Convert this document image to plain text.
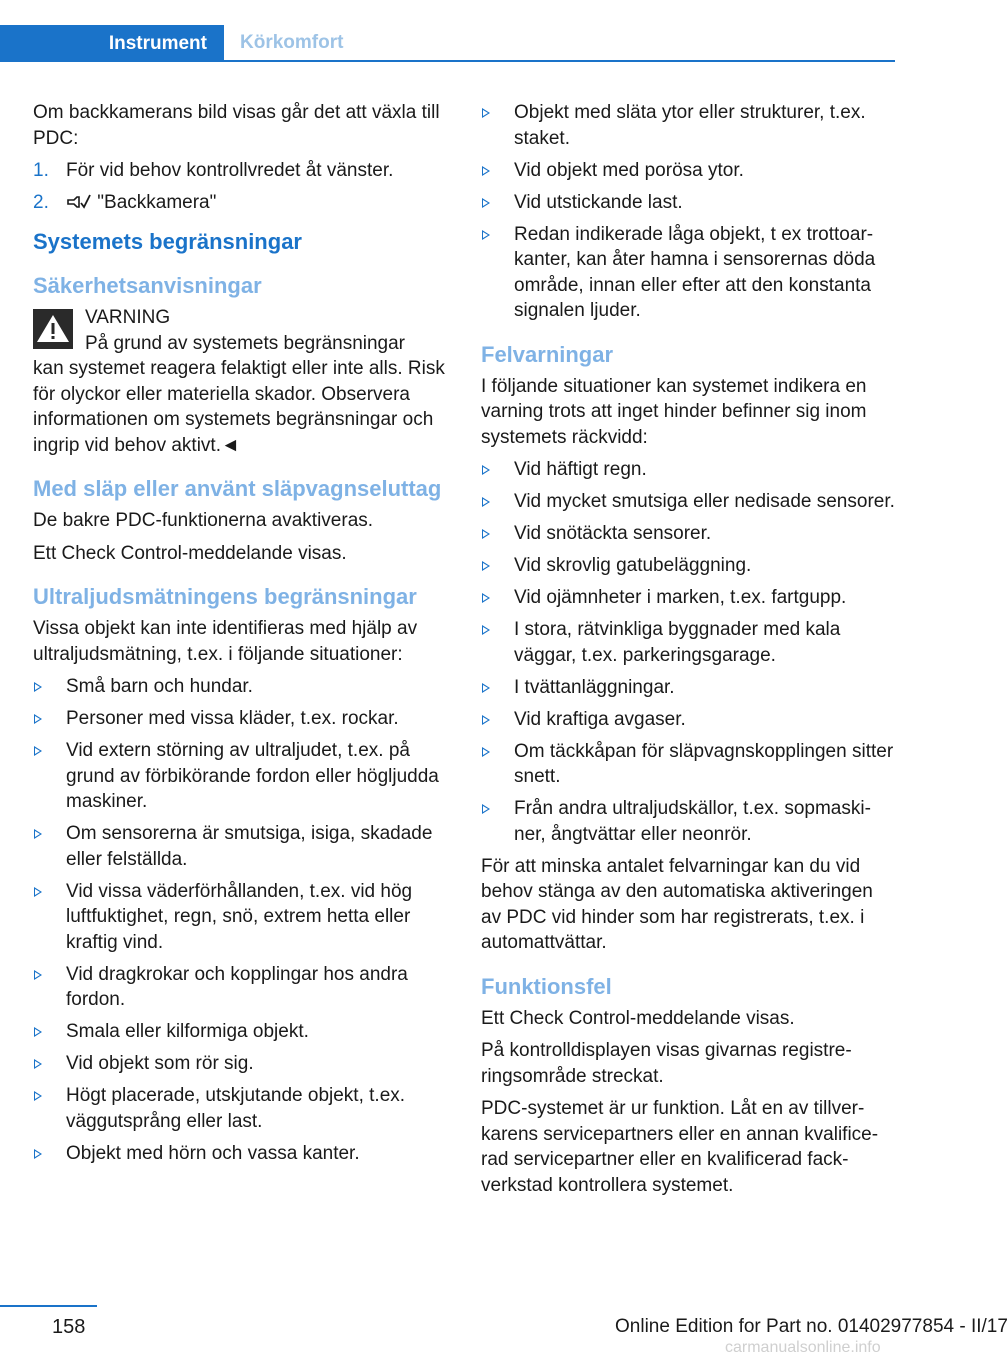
Instrument	Körkomfort

Om backkamerans bild visas går det att växla till PDC:

1. För vid behov kontrollvredet åt vänster.
2.	"Backkamera"
Systemets begränsningar
Säkerhetsanvisningar
VARNING
På grund av systemets begränsningar
kan systemet reagera felaktigt eller inte alls. Risk för olyckor eller materiella skador. Observera informationen om systemets begränsningar och ingrip vid behov aktivt.◄
Med släp eller använt släpvagnseluttag

De bakre PDC-funktionerna avaktiveras.

Ett Check Control-meddelande visas.

Ultraljudsmätningens begränsningar

Vissa objekt kan inte identifieras med hjälp av ultraljudsmätning, t.ex. i följande situationer:

Små barn och hundar.
Personer med vissa kläder, t.ex. rockar.
Vid extern störning av ultraljudet, t.ex. på grund av förbikörande fordon eller högljudda maskiner.
Om sensorerna är smutsiga, isiga, skadade eller felställda.
Vid vissa väderförhållanden, t.ex. vid hög luftfuktighet, regn, snö, extrem hetta eller kraftig vind.
Vid dragkrokar och kopplingar hos andra fordon.
Smala eller kilformiga objekt.
Vid objekt som rör sig.
Högt placerade, utskjutande objekt, t.ex. väggutsprång eller last.
Objekt med hörn och vassa kanter.
Objekt med släta ytor eller strukturer, t.ex. staket.
Vid objekt med porösa ytor.
Vid utstickande last.
Redan indikerade låga objekt, t ex trottoarkanter, kan åter hamna i sensorernas döda område, innan eller efter att den konstanta signalen ljuder.
Felvarningar

I följande situationer kan systemet indikera en varning trots att inget hinder befinner sig inom systemets räckvidd:

Vid häftigt regn.
Vid mycket smutsiga eller nedisade sensorer.
Vid snötäckta sensorer.
Vid skrovlig gatubeläggning.
Vid ojämnheter i marken, t.ex. fartgupp.
I stora, rätvinkliga byggnader med kala väggar, t.ex. parkeringsgarage.
I tvättanläggningar.
Vid kraftiga avgaser.
Om täckkåpan för släpvagnskopplingen sitter snett.
Från andra ultraljudskällor, t.ex. sopmaskiner, ångtvättar eller neonrör.

För att minska antalet felvarningar kan du vid behov stänga av den automatiska aktiveringen av PDC vid hinder som har registrerats, t.ex. i automattvättar.

Funktionsfel

Ett Check Control-meddelande visas.

På kontrolldisplayen visas givarnas registreringsområde streckat.

PDC-systemet är ur funktion. Låt en av tillverkarens servicepartners eller en annan kvalificerad servicepartner eller en kvalificerad fackverkstad kontrollera systemet.

158	Online Edition for Part no. 01402977854 - II/17
carmanualsonline.info
